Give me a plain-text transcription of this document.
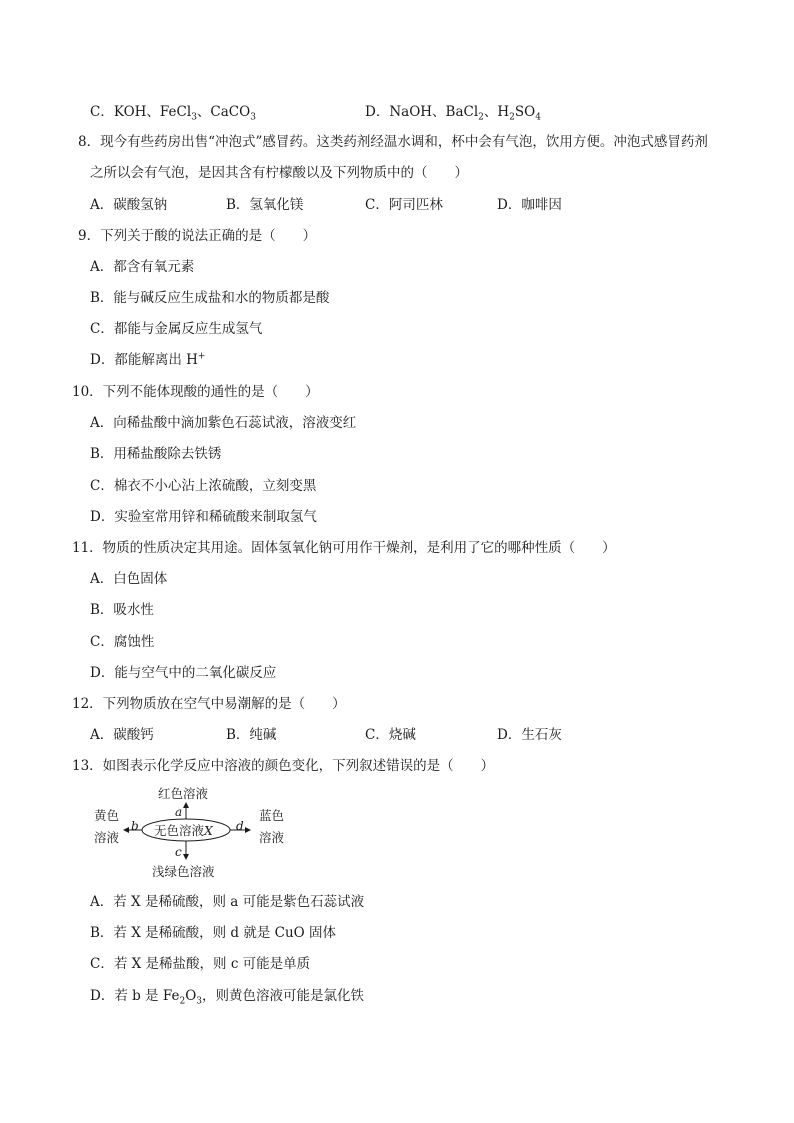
C．KOH、FeCl$_3$、CaCO$_3$	D．NaOH、BaCl$_2$、$H_2SO_4$
8．现今有些药房出售“冲泡式”感冒药。这类药剂经温水调和，杯中会有气泡，饮用方便。冲泡式感冒药剂
之所以会有气泡，是因其含有柠檬酸以及下列物质中的（　　）
A．碳酸氢钠	B．氢氧化镁	C．阿司匹林	D．咖啡因
9．下列关于酸的说法正确的是（　　）
A．都含有氧元素
B．能与碱反应生成盐和水的物质都是酸
C．都能与金属反应生成氢气
D．都能解离出 H+
10．下列不能体现酸的通性的是（　　）
A．向稀盐酸中滴加紫色石蕊试液，溶液变红
B．用稀盐酸除去铁锈
C．棉衣不小心沾上浓硫酸，立刻变黑
D．实验室常用锌和稀硫酸来制取氢气
11．物质的性质决定其用途。固体氢氧化钠可用作干燥剂，是利用了它的哪种性质（　　）
A．白色固体
B．吸水性
C．腐蚀性
D．能与空气中的二氧化碳反应
12．下列物质放在空气中易潮解的是（　　）
A．碳酸钙	B．纯碱	C．烧碱	D．生石灰
13．如图表示化学反应中溶液的颜色变化，下列叙述错误的是（　　）
红色溶液
a
黄色
溶液
b 无色溶液X d
蓝色
溶液
c
浅绿色溶液
A．若 X 是稀硫酸，则 a 可能是紫色石蕊试液
B．若 X 是稀硫酸，则 d 就是 CuO 固体
C．若 X 是稀盐酸，则 c 可能是单质
D．若 b 是 $Fe_2O_3$，则黄色溶液可能是氯化铁
